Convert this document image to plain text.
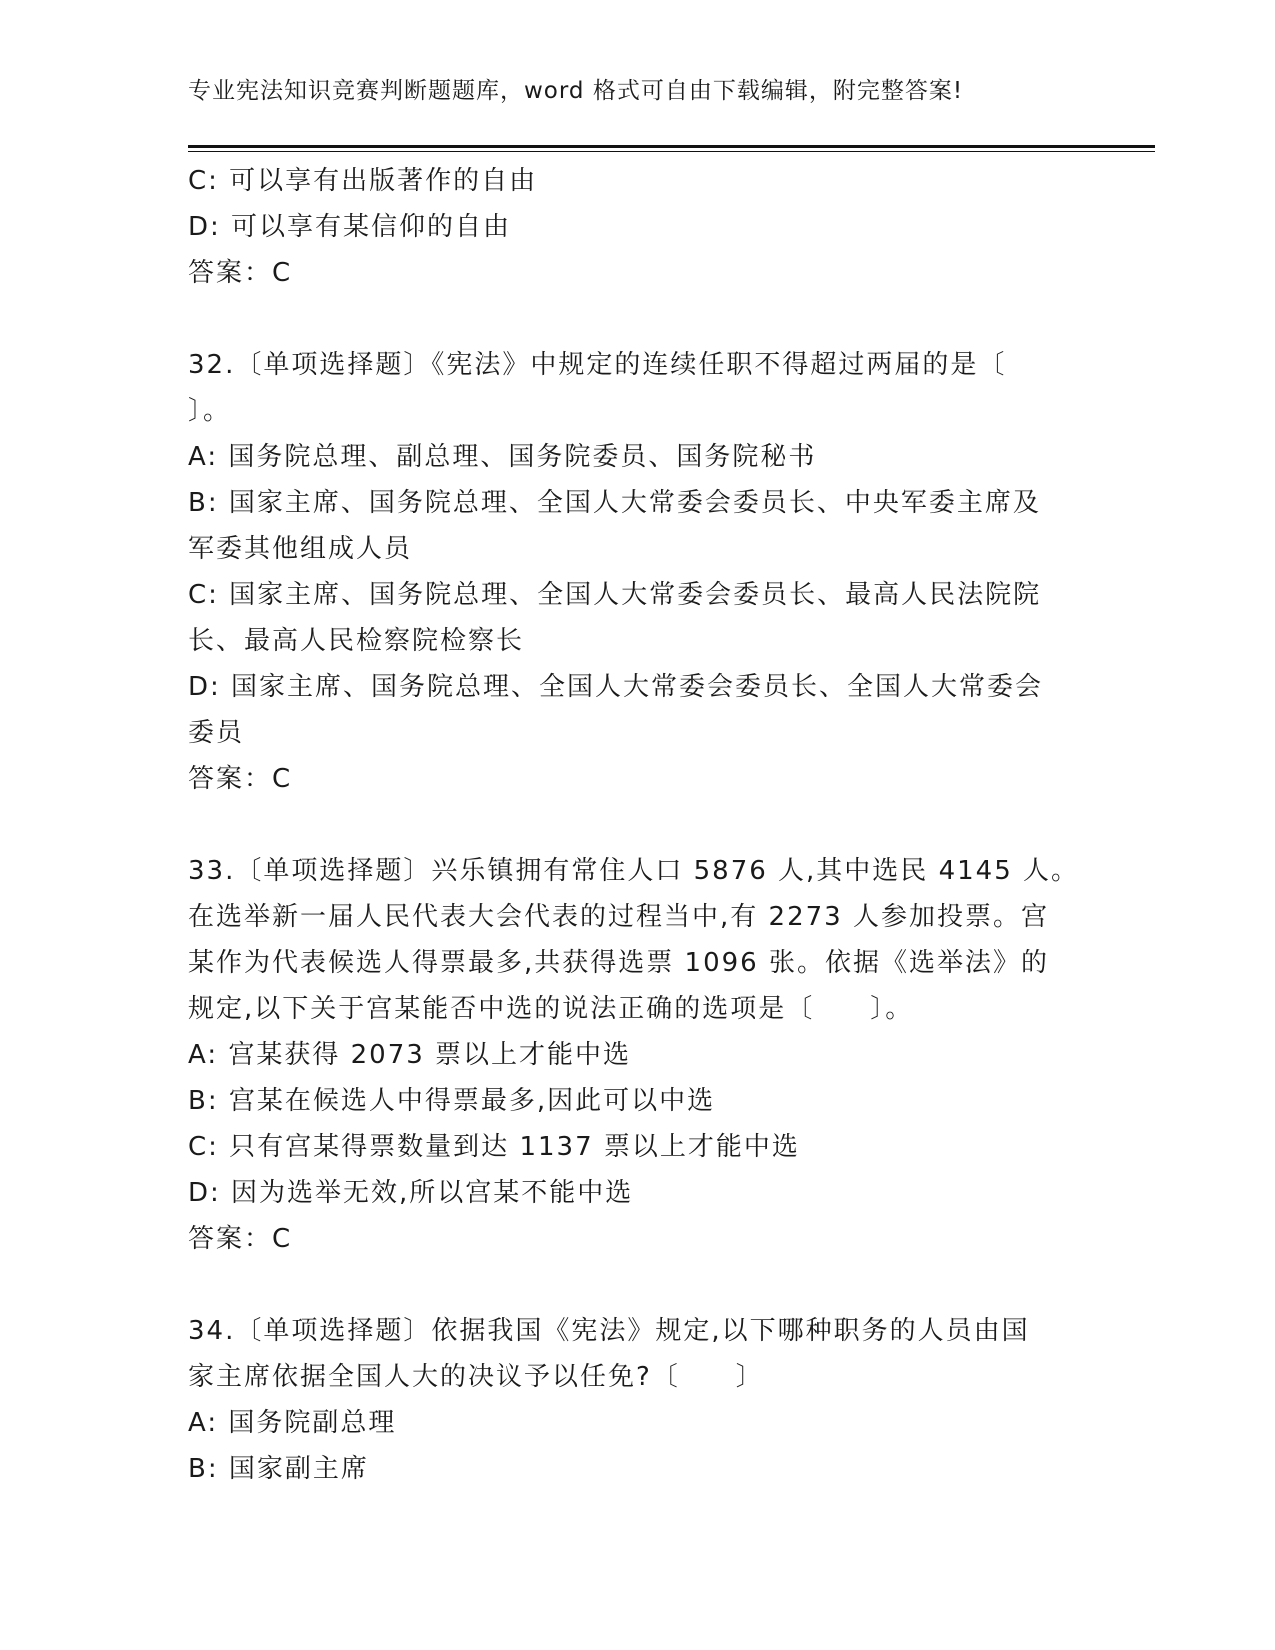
专业宪法知识竞赛判断题题库，word 格式可自由下载编辑，附完整答案!
C: 可以享有出版著作的自由
D: 可以享有某信仰的自由
答案：C
32.〔单项选择题〕《宪法》中规定的连续任职不得超过两届的是〔
〕。
A: 国务院总理、副总理、国务院委员、国务院秘书
B: 国家主席、国务院总理、全国人大常委会委员长、中央军委主席及
军委其他组成人员
C: 国家主席、国务院总理、全国人大常委会委员长、最高人民法院院
长、最高人民检察院检察长
D: 国家主席、国务院总理、全国人大常委会委员长、全国人大常委会
委员
答案：C
33.〔单项选择题〕兴乐镇拥有常住人口 5876 人,其中选民 4145 人。
在选举新一届人民代表大会代表的过程当中,有 2273 人参加投票。宫
某作为代表候选人得票最多,共获得选票 1096 张。依据《选举法》的
规定,以下关于宫某能否中选的说法正确的选项是〔　　〕。
A: 宫某获得 2073 票以上才能中选
B: 宫某在候选人中得票最多,因此可以中选
C: 只有宫某得票数量到达 1137 票以上才能中选
D: 因为选举无效,所以宫某不能中选
答案：C
34.〔单项选择题〕依据我国《宪法》规定,以下哪种职务的人员由国
家主席依据全国人大的决议予以任免?〔　　〕
A: 国务院副总理
B: 国家副主席
